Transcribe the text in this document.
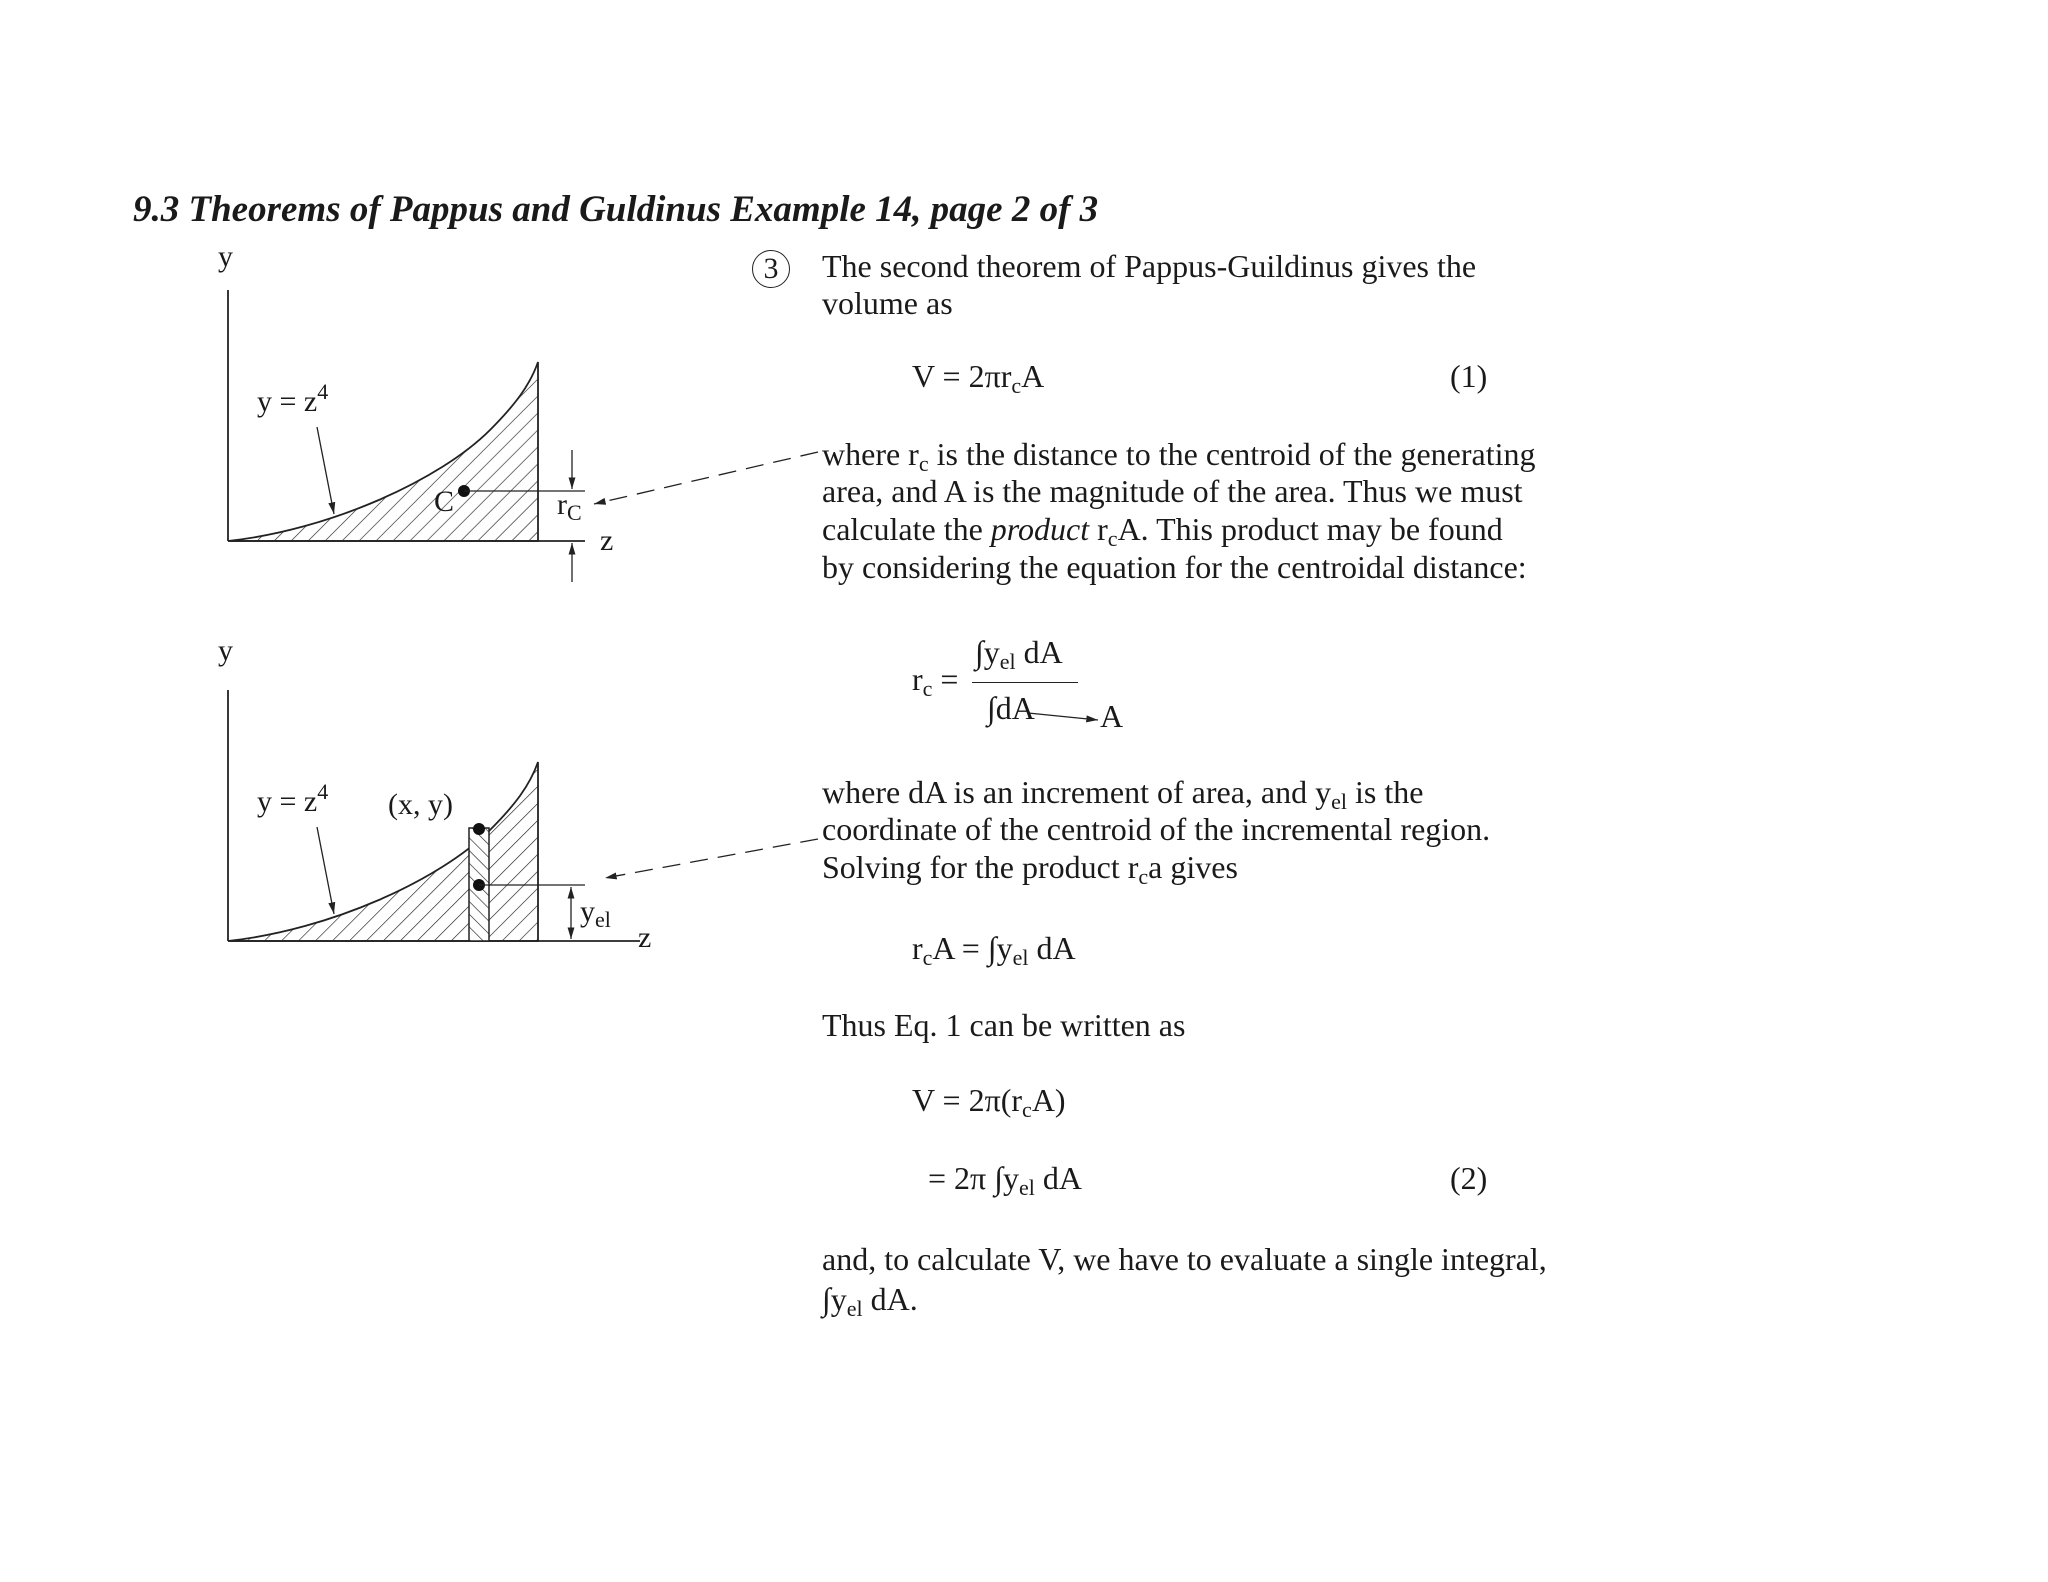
9.3 Theorems of Pappus and Guldinus Example 14, page 2 of 3
y
z
$y = z^4$
C	$r_C$
y
z
$y = z^4$ (x, y)
$y_{el}$
3	The second theorem of Pappus-Guildinus gives the
volume as
$V = 2\pi r_cA$	(1)
where $r_c$ is the distance to the centroid of the generating
area, and A is the magnitude of the area. Thus we must
calculate the product $r_cA$. This product may be found
by considering the equation for the centroidal distance:
$r_c$ =
$\int y_{el}$ dA
∫dA A
where dA is an increment of area, and $y_{el}$ is the
coordinate of the centroid of the incremental region.
Solving for the product $r_ca$ gives
$r_cA = \int y_{el}$ dA
Thus Eq. 1 can be written as
$V = 2\pi(r_cA)$
= 2π $\int y_{el}$ dA	(2)
and, to calculate V, we have to evaluate a single integral,
$\int y_{el}$ dA.
